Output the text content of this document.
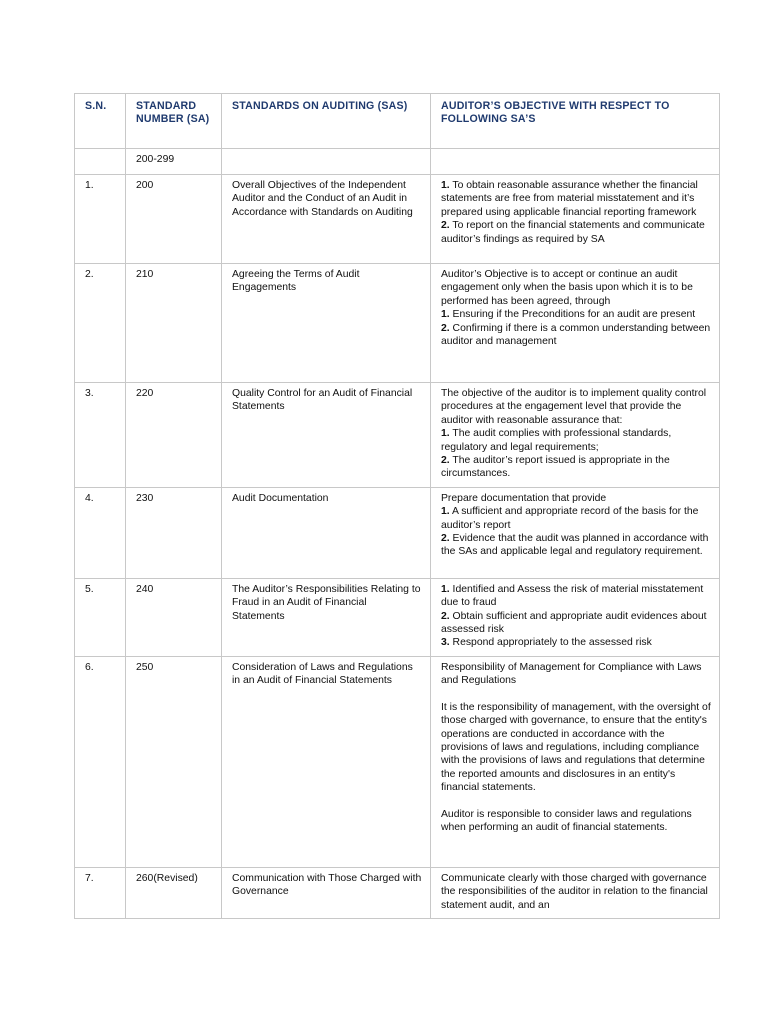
S.N.	STANDARD NUMBER (SA)	STANDARDS ON AUDITING (SAS)	AUDITOR’S OBJECTIVE WITH RESPECT TO FOLLOWING SA’S
	200-299		
1.	200	Overall Objectives of the Independent Auditor and the Conduct of an Audit in Accordance with Standards on Auditing	1. To obtain reasonable assurance whether the financial statements are free from material misstatement and it’s prepared using applicable financial reporting framework
2. To report on the financial statements and communicate auditor’s findings as required by SA

2.	210	Agreeing the Terms of Audit Engagements	Auditor’s Objective is to accept or continue an audit engagement only when the basis upon which it is to be performed has been agreed, through
1. Ensuring if the Preconditions for an audit are present
2. Confirming if there is a common understanding between auditor and management

3.	220	Quality Control for an Audit of Financial Statements	The objective of the auditor is to implement quality control procedures at the engagement level that provide the auditor with reasonable assurance that:
1. The audit complies with professional standards, regulatory and legal requirements;
2. The auditor’s report issued is appropriate in the circumstances.

4.	230	Audit Documentation	Prepare documentation that provide
1. A sufficient and appropriate record of the basis for the auditor’s report
2. Evidence that the audit was planned in accordance with the SAs and applicable legal and regulatory requirement.

5.	240	The Auditor’s Responsibilities Relating to Fraud in an Audit of Financial Statements	1. Identified and Assess the risk of material misstatement due to fraud
2. Obtain sufficient and appropriate audit evidences about assessed risk
3. Respond appropriately to the assessed risk

6.	250	Consideration of Laws and Regulations in an Audit of Financial Statements	Responsibility of Management for Compliance with Laws and Regulations
It is the responsibility of management, with the oversight of those charged with governance, to ensure that the entity's operations are conducted in accordance with the provisions of laws and regulations, including compliance with the provisions of laws and regulations that determine the reported amounts and disclosures in an entity's financial statements.
Auditor is responsible to consider laws and regulations when performing an audit of financial statements.

7.	260(Revised)	Communication with Those Charged with Governance	Communicate clearly with those charged with governance the responsibilities of the auditor in relation to the financial statement audit, and an
